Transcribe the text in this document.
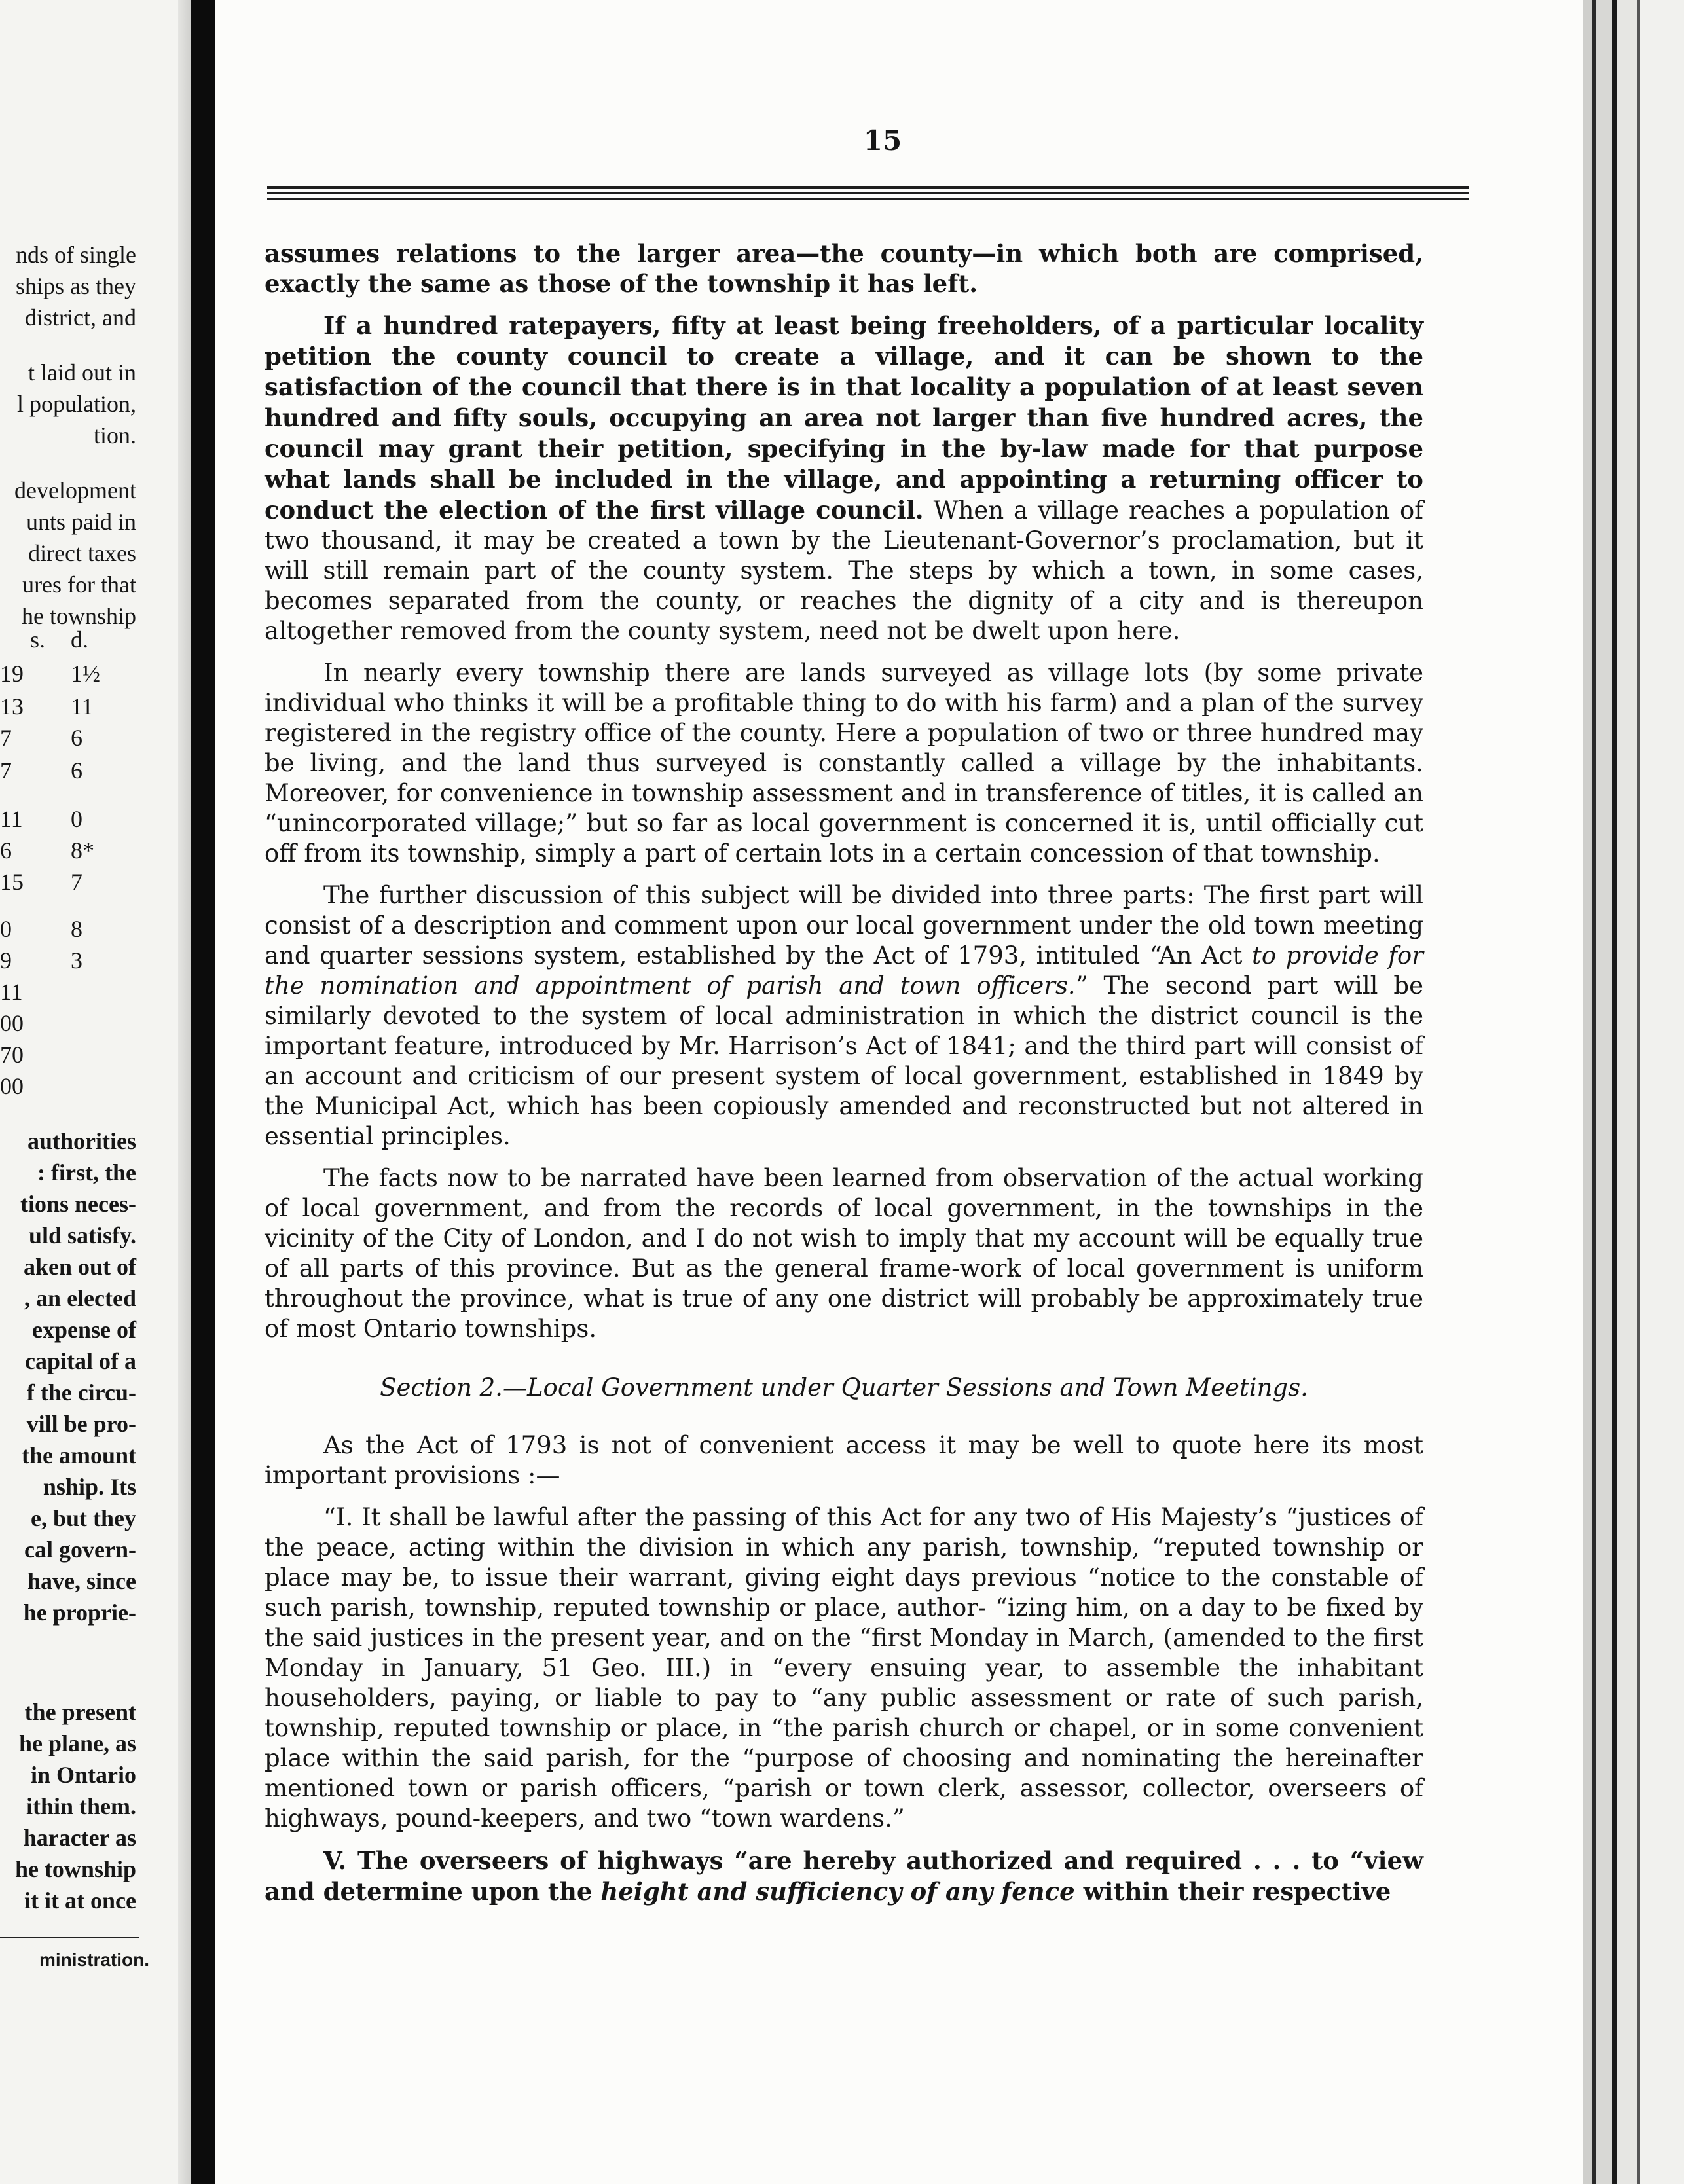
nds of single
ships as they
district, and
t laid out in
l population,
tion.
development
unts paid in
direct taxes
ures for that
he township
s. d.
19 1½
13 11
7	6
7	6
11 0
6	8*
15 7
0	8
9	3
11
00
70
00
authorities
: first, the
tions neces-
uld satisfy.
aken out of
, an elected
expense of
capital of a
f the circu-
vill be pro-
the amount
nship. Its
e, but they
cal govern-
have, since
he proprie-
the present
he plane, as
in Ontario
ithin them.
haracter as
he township
it it at once
ministration.
15

assumes relations to the larger area—the county—in which both are comprised, exactly the same as those of the township it has left.

If a hundred ratepayers, fifty at least being freeholders, of a particular locality petition the county council to create a village, and it can be shown to the satisfaction of the council that there is in that locality a population of at least seven hundred and fifty souls, occupying an area not larger than five hundred acres, the council may grant their petition, specifying in the by-law made for that purpose what lands shall be included in the village, and appointing a returning officer to conduct the election of the first village council. When a village reaches a population of two thousand, it may be created a town by the Lieutenant-Governor’s proclamation, but it will still remain part of the county system. The steps by which a town, in some cases, becomes separated from the county, or reaches the dignity of a city and is thereupon altogether removed from the county system, need not be dwelt upon here.

In nearly every township there are lands surveyed as village lots (by some private individual who thinks it will be a profitable thing to do with his farm) and a plan of the survey registered in the registry office of the county. Here a population of two or three hundred may be living, and the land thus surveyed is constantly called a village by the inhabitants. Moreover, for convenience in township assessment and in transference of titles, it is called an “unincorporated village;” but so far as local government is concerned it is, until officially cut off from its township, simply a part of certain lots in a certain concession of that township.

The further discussion of this subject will be divided into three parts: The first part will consist of a description and comment upon our local government under the old town meeting and quarter sessions system, established by the Act of 1793, intituled “An Act to provide for the nomination and appointment of parish and town officers.” The second part will be similarly devoted to the system of local administration in which the district council is the important feature, introduced by Mr. Harrison’s Act of 1841; and the third part will consist of an account and criticism of our present system of local government, established in 1849 by the Municipal Act, which has been copiously amended and reconstructed but not altered in essential principles.

The facts now to be narrated have been learned from observation of the actual working of local government, and from the records of local government, in the townships in the vicinity of the City of London, and I do not wish to imply that my account will be equally true of all parts of this province. But as the general frame-work of local government is uniform throughout the province, what is true of any one district will probably be approximately true of most Ontario townships.

Section 2.—Local Government under Quarter Sessions and Town Meetings.

As the Act of 1793 is not of convenient access it may be well to quote here its most important provisions :—

“I. It shall be lawful after the passing of this Act for any two of His Majesty’s “justices of the peace, acting within the division in which any parish, township, “reputed township or place may be, to issue their warrant, giving eight days previous “notice to the constable of such parish, township, reputed township or place, author- “izing him, on a day to be fixed by the said justices in the present year, and on the “first Monday in March, (amended to the first Monday in January, 51 Geo. III.) in “every ensuing year, to assemble the inhabitant householders, paying, or liable to pay to “any public assessment or rate of such parish, township, reputed township or place, in “the parish church or chapel, or in some convenient place within the said parish, for the “purpose of choosing and nominating the hereinafter mentioned town or parish officers, “parish or town clerk, assessor, collector, overseers of highways, pound-keepers, and two “town wardens.”

V. The overseers of highways “are hereby authorized and required . . . to “view and determine upon the height and sufficiency of any fence within their respective
